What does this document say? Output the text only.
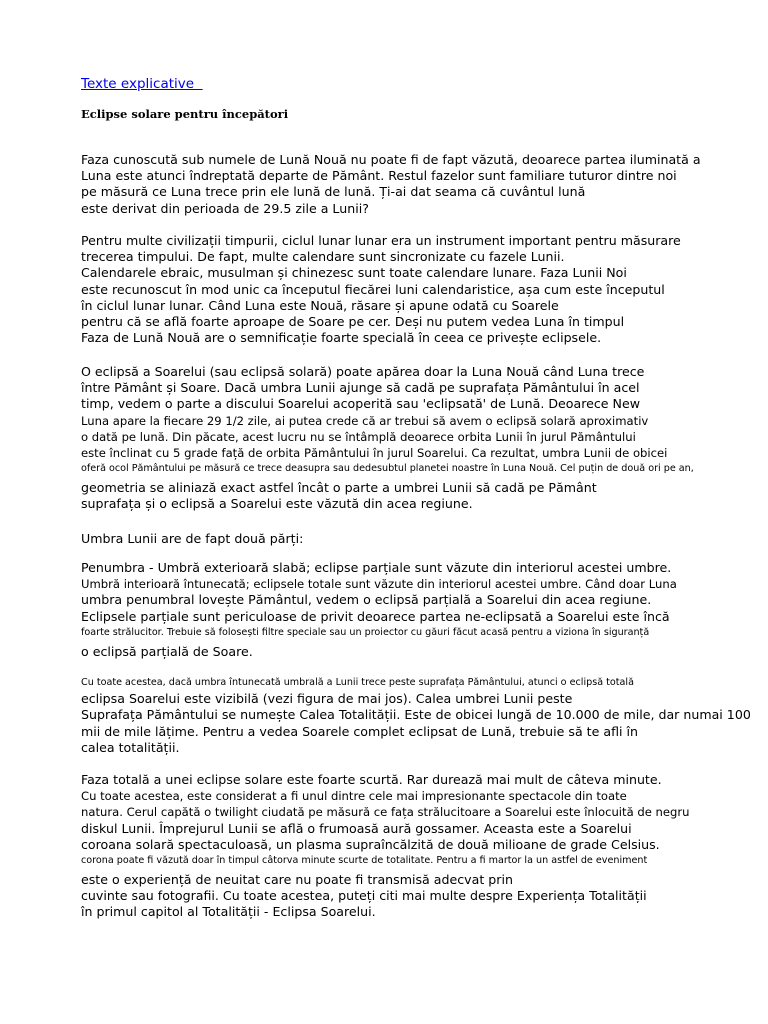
Texte explicative
Eclipse solare pentru începători
Faza cunoscută sub numele de Lună Nouă nu poate fi de fapt văzută, deoarece partea iluminată a
Luna este atunci îndreptată departe de Pământ. Restul fazelor sunt familiare tuturor dintre noi
pe măsură ce Luna trece prin ele lună de lună. Ți-ai dat seama că cuvântul lună
este derivat din perioada de 29.5 zile a Lunii?
Pentru multe civilizații timpurii, ciclul lunar lunar era un instrument important pentru măsurare
trecerea timpului. De fapt, multe calendare sunt sincronizate cu fazele Lunii.
Calendarele ebraic, musulman și chinezesc sunt toate calendare lunare. Faza Lunii Noi
este recunoscut în mod unic ca începutul fiecărei luni calendaristice, așa cum este începutul
în ciclul lunar lunar. Când Luna este Nouă, răsare și apune odată cu Soarele
pentru că se află foarte aproape de Soare pe cer. Deși nu putem vedea Luna în timpul
Faza de Lună Nouă are o semnificație foarte specială în ceea ce privește eclipsele.
O eclipsă a Soarelui (sau eclipsă solară) poate apărea doar la Luna Nouă când Luna trece
între Pământ și Soare. Dacă umbra Lunii ajunge să cadă pe suprafața Pământului în acel
timp, vedem o parte a discului Soarelui acoperită sau 'eclipsată' de Lună. Deoarece New
Luna apare la fiecare 29 1/2 zile, ai putea crede că ar trebui să avem o eclipsă solară aproximativ
o dată pe lună. Din păcate, acest lucru nu se întâmplă deoarece orbita Lunii în jurul Pământului
este înclinat cu 5 grade față de orbita Pământului în jurul Soarelui. Ca rezultat, umbra Lunii de obicei
oferă ocol Pământului pe măsură ce trece deasupra sau dedesubtul planetei noastre în Luna Nouă. Cel puțin de două ori pe an,
geometria se aliniază exact astfel încât o parte a umbrei Lunii să cadă pe Pământ
suprafața și o eclipsă a Soarelui este văzută din acea regiune.
Umbra Lunii are de fapt două părți:
Penumbra - Umbră exterioară slabă; eclipse parțiale sunt văzute din interiorul acestei umbre.
Umbră interioară întunecată; eclipsele totale sunt văzute din interiorul acestei umbre. Când doar Luna
umbra penumbral lovește Pământul, vedem o eclipsă parțială a Soarelui din acea regiune.
Eclipsele parțiale sunt periculoase de privit deoarece partea ne-eclipsată a Soarelui este încă
foarte strălucitor. Trebuie să folosești filtre speciale sau un proiector cu găuri făcut acasă pentru a viziona în siguranță
o eclipsă parțială de Soare.
Cu toate acestea, dacă umbra întunecată umbrală a Lunii trece peste suprafața Pământului, atunci o eclipsă totală
eclipsa Soarelui este vizibilă (vezi figura de mai jos). Calea umbrei Lunii peste
Suprafața Pământului se numește Calea Totalității. Este de obicei lungă de 10.000 de mile, dar numai 100
mii de mile lățime. Pentru a vedea Soarele complet eclipsat de Lună, trebuie să te afli în
calea totalității.
Faza totală a unei eclipse solare este foarte scurtă. Rar durează mai mult de câteva minute.
Cu toate acestea, este considerat a fi unul dintre cele mai impresionante spectacole din toate
natura. Cerul capătă o twilight ciudată pe măsură ce fața strălucitoare a Soarelui este înlocuită de negru
diskul Lunii. Împrejurul Lunii se află o frumoasă aură gossamer. Aceasta este a Soarelui
coroana solară spectaculoasă, un plasma supraîncălzită de două milioane de grade Celsius.
corona poate fi văzută doar în timpul câtorva minute scurte de totalitate. Pentru a fi martor la un astfel de eveniment
este o experiență de neuitat care nu poate fi transmisă adecvat prin
cuvinte sau fotografii. Cu toate acestea, puteți citi mai multe despre Experiența Totalității
în primul capitol al Totalității - Eclipsa Soarelui.
